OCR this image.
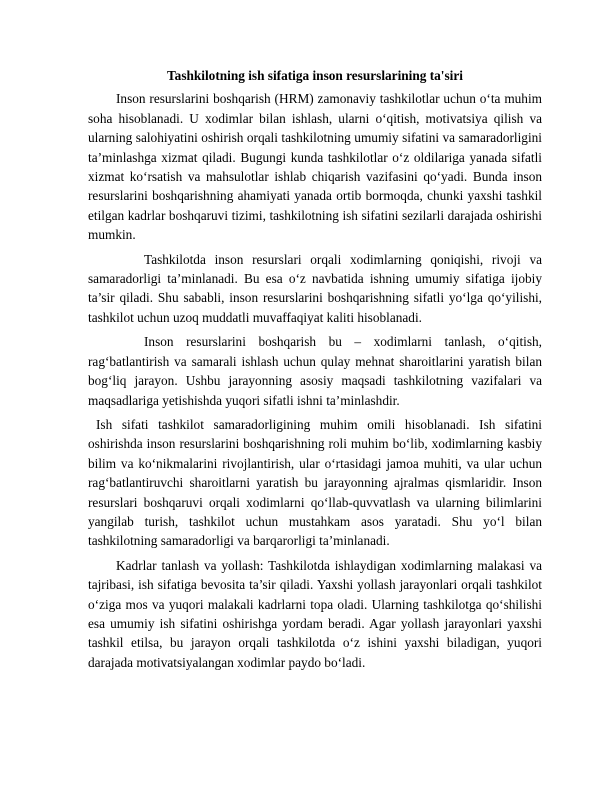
Tashkilotning ish sifatiga inson resurslarining ta'siri

Inson resurslarini boshqarish (HRM) zamonaviy tashkilotlar uchun o‘ta muhim soha hisoblanadi. U xodimlar bilan ishlash, ularni o‘qitish, motivatsiya qilish va ularning salohiyatini oshirish orqali tashkilotning umumiy sifatini va samaradorligini ta’minlashga xizmat qiladi. Bugungi kunda tashkilotlar o‘z oldilariga yanada sifatli xizmat ko‘rsatish va mahsulotlar ishlab chiqarish vazifasini qo‘yadi. Bunda inson resurslarini boshqarishning ahamiyati yanada ortib bormoqda, chunki yaxshi tashkil etilgan kadrlar boshqaruvi tizimi, tashkilotning ish sifatini sezilarli darajada oshirishi mumkin.

Tashkilotda inson resurslari orqali xodimlarning qoniqishi, rivoji va samaradorligi ta’minlanadi. Bu esa o‘z navbatida ishning umumiy sifatiga ijobiy ta’sir qiladi. Shu sababli, inson resurslarini boshqarishning sifatli yo‘lga qo‘yilishi, tashkilot uchun uzoq muddatli muvaffaqiyat kaliti hisoblanadi.

Inson resurslarini boshqarish bu – xodimlarni tanlash, o‘qitish, rag‘batlantirish va samarali ishlash uchun qulay mehnat sharoitlarini yaratish bilan bog‘liq jarayon. Ushbu jarayonning asosiy maqsadi tashkilotning vazifalari va maqsadlariga yetishishda yuqori sifatli ishni ta’minlashdir.

Ish sifati tashkilot samaradorligining muhim omili hisoblanadi. Ish sifatini oshirishda inson resurslarini boshqarishning roli muhim bo‘lib, xodimlarning kasbiy bilim va ko‘nikmalarini rivojlantirish, ular o‘rtasidagi jamoa muhiti, va ular uchun rag‘batlantiruvchi sharoitlarni yaratish bu jarayonning ajralmas qismlaridir. Inson resurslari boshqaruvi orqali xodimlarni qo‘llab-quvvatlash va ularning bilimlarini yangilab turish, tashkilot uchun mustahkam asos yaratadi. Shu yo‘l bilan tashkilotning samaradorligi va barqarorligi ta’minlanadi.

Kadrlar tanlash va yollash: Tashkilotda ishlaydigan xodimlarning malakasi va tajribasi, ish sifatiga bevosita ta’sir qiladi. Yaxshi yollash jarayonlari orqali tashkilot o‘ziga mos va yuqori malakali kadrlarni topa oladi. Ularning tashkilotga qo‘shilishi esa umumiy ish sifatini oshirishga yordam beradi. Agar yollash jarayonlari yaxshi tashkil etilsa, bu jarayon orqali tashkilotda o‘z ishini yaxshi biladigan, yuqori darajada motivatsiyalangan xodimlar paydo bo‘ladi.
